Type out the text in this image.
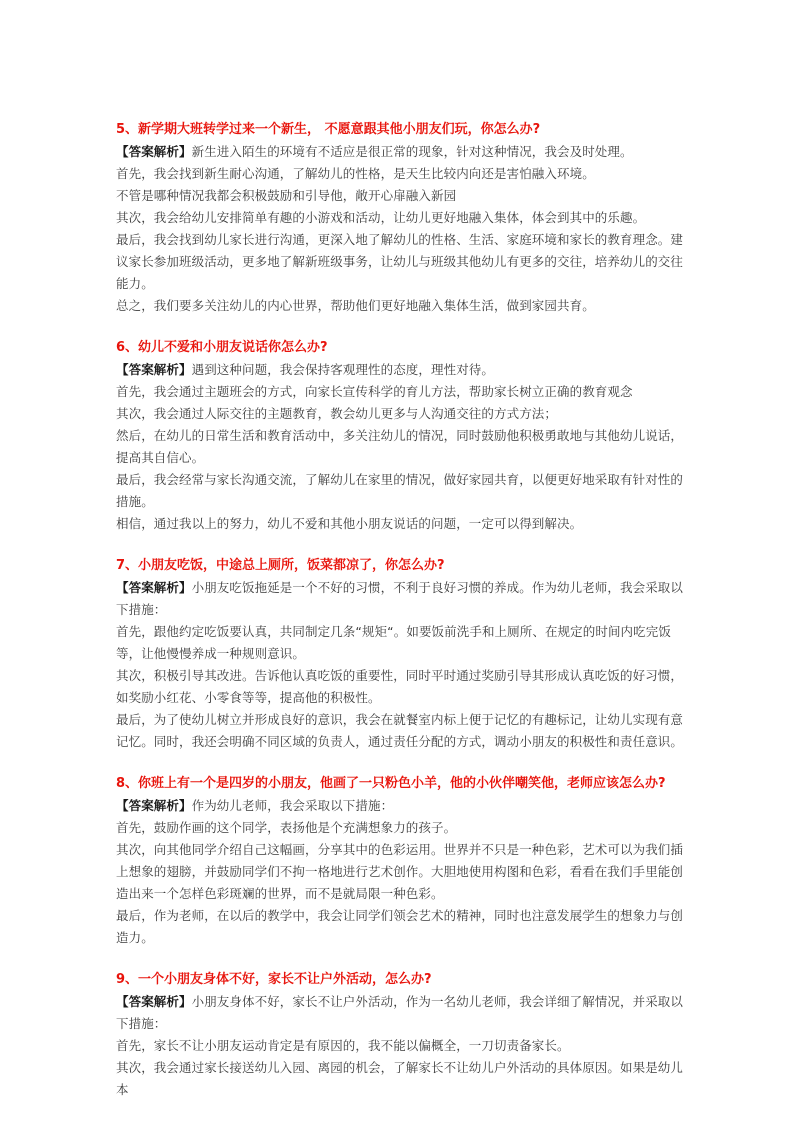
5、新学期大班转学过来一个新生， 不愿意跟其他小朋友们玩，你怎么办?

【答案解析】新生进入陌生的环境有不适应是很正常的现象，针对这种情况，我会及时处理。

首先，我会找到新生耐心沟通，了解幼儿的性格，是天生比较内向还是害怕融入环境。

不管是哪种情况我都会积极鼓励和引导他，敞开心扉融入新园

其次，我会给幼儿安排简单有趣的小游戏和活动，让幼儿更好地融入集体，体会到其中的乐趣。

最后，我会找到幼儿家长进行沟通，更深入地了解幼儿的性格、生活、家庭环境和家长的教育理念。建议家长参加班级活动，更多地了解新班级事务，让幼儿与班级其他幼儿有更多的交往，培养幼儿的交往能力。

总之，我们要多关注幼儿的内心世界，帮助他们更好地融入集体生活，做到家园共育。

6、幼儿不爱和小朋友说话你怎么办?

【答案解析】遇到这种问题，我会保持客观理性的态度，理性对待。

首先，我会通过主题班会的方式，向家长宣传科学的育儿方法，帮助家长树立正确的教育观念

其次，我会通过人际交往的主题教育，教会幼儿更多与人沟通交往的方式方法；

然后，在幼儿的日常生活和教育活动中，多关注幼儿的情况，同时鼓励他积极勇敢地与其他幼儿说话，提高其自信心。

最后，我会经常与家长沟通交流，了解幼儿在家里的情况，做好家园共育，以便更好地采取有针对性的措施。

相信，通过我以上的努力，幼儿不爱和其他小朋友说话的问题，一定可以得到解决。

7、小朋友吃饭，中途总上厕所，饭菜都凉了，你怎么办?

【答案解析】小朋友吃饭拖延是一个不好的习惯，不利于良好习惯的养成。作为幼儿老师，我会采取以下措施：

首先，跟他约定吃饭要认真，共同制定几条“规矩“。如要饭前洗手和上厕所、在规定的时间内吃完饭等，让他慢慢养成一种规则意识。

其次，积极引导其改进。告诉他认真吃饭的重要性，同时平时通过奖励引导其形成认真吃饭的好习惯，如奖励小红花、小零食等等，提高他的积极性。

最后，为了使幼儿树立并形成良好的意识，我会在就餐室内标上便于记忆的有趣标记，让幼儿实现有意记忆。同时，我还会明确不同区域的负责人，通过责任分配的方式，调动小朋友的积极性和责任意识。

8、你班上有一个是四岁的小朋友，他画了一只粉色小羊，他的小伙伴嘲笑他，老师应该怎么办?

【答案解析】作为幼儿老师，我会采取以下措施：

首先，鼓励作画的这个同学，表扬他是个充满想象力的孩子。

其次，向其他同学介绍自己这幅画，分享其中的色彩运用。世界并不只是一种色彩，艺术可以为我们插上想象的翅膀，并鼓励同学们不拘一格地进行艺术创作。大胆地使用构图和色彩，看看在我们手里能创造出来一个怎样色彩斑斓的世界，而不是就局限一种色彩。

最后，作为老师，在以后的教学中，我会让同学们领会艺术的精神，同时也注意发展学生的想象力与创造力。

9、一个小朋友身体不好，家长不让户外活动，怎么办?

【答案解析】小朋友身体不好，家长不让户外活动，作为一名幼儿老师，我会详细了解情况，并采取以下措施：

首先，家长不让小朋友运动肯定是有原因的，我不能以偏概全，一刀切责备家长。

其次，我会通过家长接送幼儿入园、离园的机会，了解家长不让幼儿户外活动的具体原因。如果是幼儿本
